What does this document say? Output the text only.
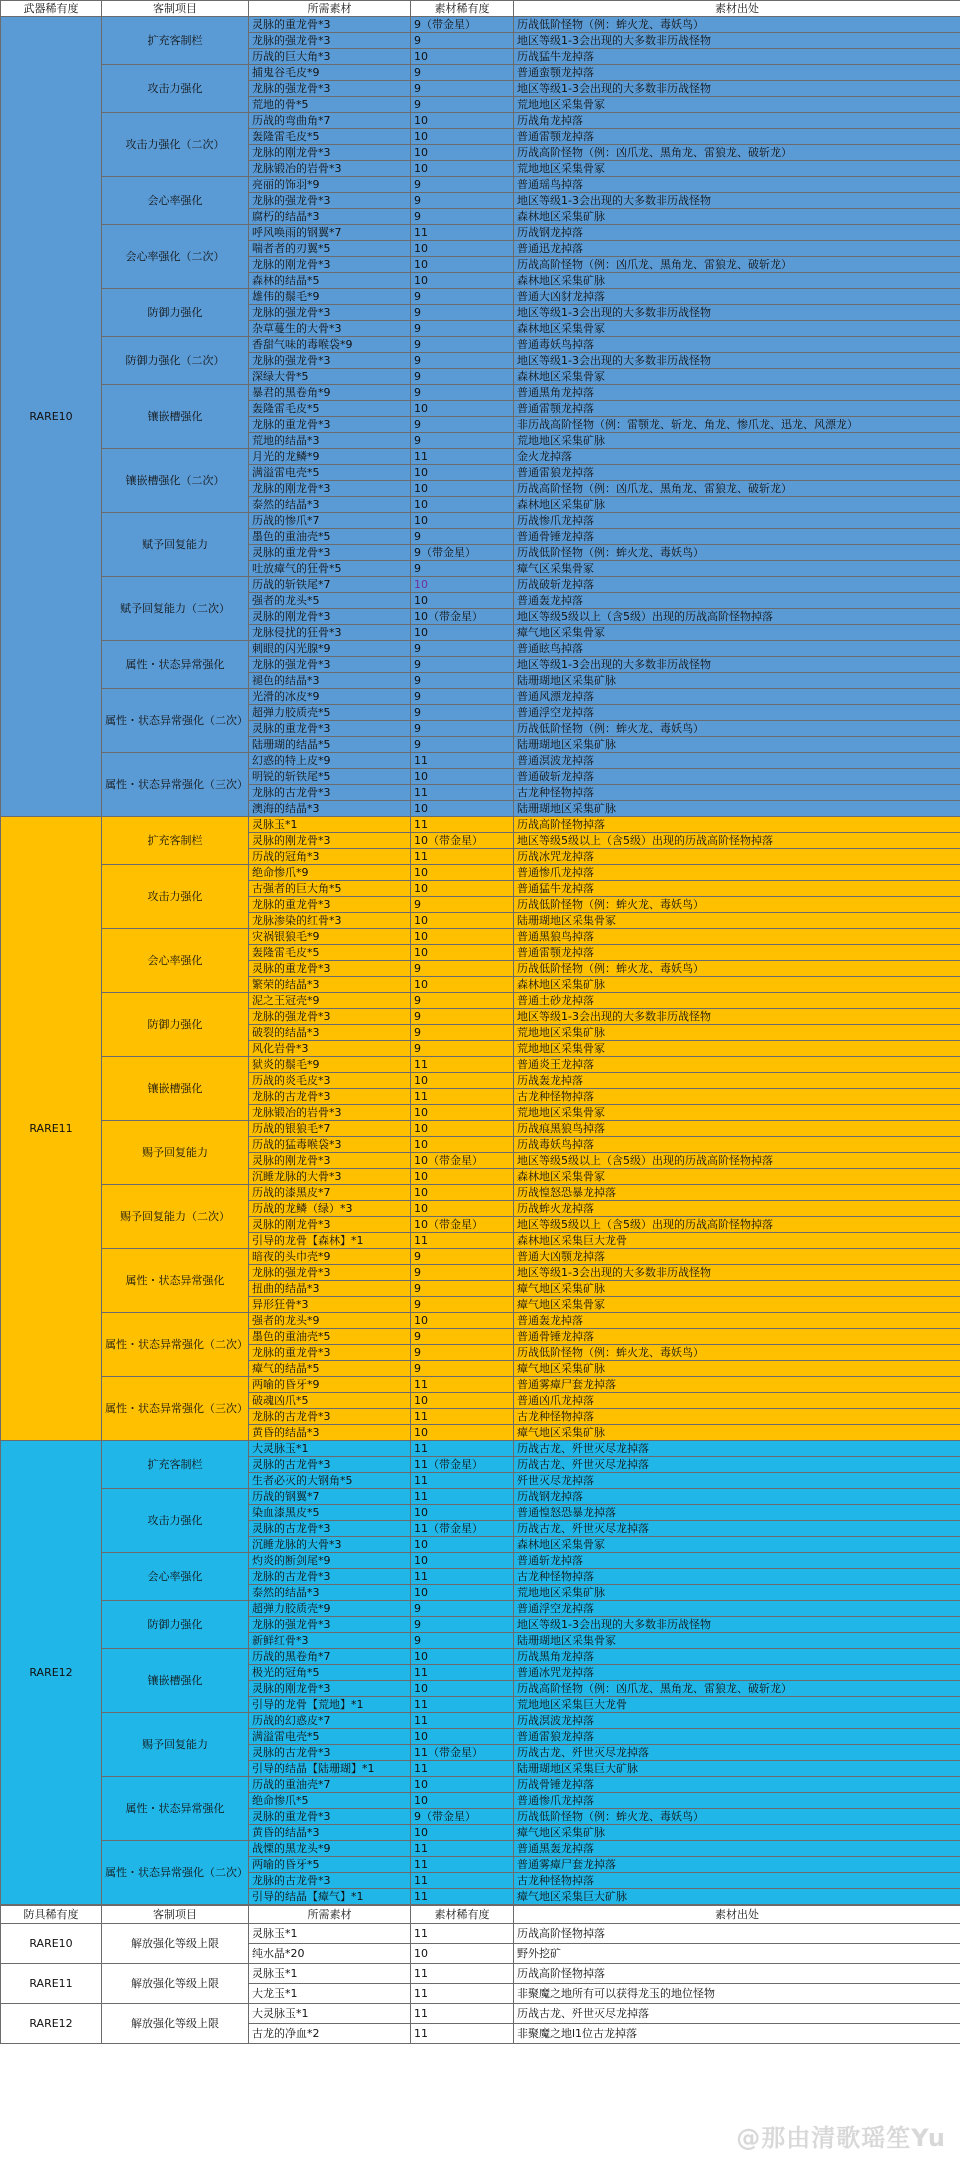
武器稀有度	客制项目	所需素材	素材稀有度	素材出处
RARE10	扩充客制栏	灵脉的重龙骨*3	9（带金星）	历战低阶怪物（例：蛑火龙、毒妖鸟）
		龙脉的强龙骨*3	9	地区等级1-3会出现的大多数非历战怪物
		历战的巨大角*3	10	历战猛牛龙掉落
	攻击力强化	捕鬼谷毛皮*9	9	普通蛮颚龙掉落
		龙脉的强龙骨*3	9	地区等级1-3会出现的大多数非历战怪物
		荒地的骨*5	9	荒地地区采集骨冢
	攻击力强化（二次）	历战的弯曲角*7	10	历战角龙掉落
		轰隆雷毛皮*5	10	普通雷颚龙掉落
		龙脉的刚龙骨*3	10	历战高阶怪物（例：凶爪龙、黑角龙、雷狼龙、破斩龙）
		龙脉锻冶的岩骨*3	10	荒地地区采集骨冢
	会心率强化	亮丽的饰羽*9	9	普通瑶鸟掉落
		龙脉的强龙骨*3	9	地区等级1-3会出现的大多数非历战怪物
		腐朽的结晶*3	9	森林地区采集矿脉
	会心率强化（二次）	呼风唤雨的钢翼*7	11	历战钢龙掉落
		喘者者的刃翼*5	10	普通迅龙掉落
		龙脉的刚龙骨*3	10	历战高阶怪物（例：凶爪龙、黑角龙、雷狼龙、破斩龙）
		森林的结晶*5	10	森林地区采集矿脉
	防御力强化	雄伟的鬃毛*9	9	普通大凶豺龙掉落
		龙脉的强龙骨*3	9	地区等级1-3会出现的大多数非历战怪物
		杂草蔓生的大骨*3	9	森林地区采集骨冢
	防御力强化（二次）	香甜气味的毒喉袋*9	9	普通毒妖鸟掉落
		龙脉的强龙骨*3	9	地区等级1-3会出现的大多数非历战怪物
		深绿大骨*5	9	森林地区采集骨冢
	镶嵌槽强化	暴君的黑卷角*9	9	普通黑角龙掉落
		轰隆雷毛皮*5	10	普通雷颚龙掉落
		龙脉的重龙骨*3	9	非历战高阶怪物（例：雷颚龙、斩龙、角龙、惨爪龙、迅龙、风漂龙）
		荒地的结晶*3	9	荒地地区采集矿脉
	镶嵌槽强化（二次）	月光的龙鳞*9	11	金火龙掉落
		满溢雷电壳*5	10	普通雷狼龙掉落
		龙脉的刚龙骨*3	10	历战高阶怪物（例：凶爪龙、黑角龙、雷狼龙、破斩龙）
		泰然的结晶*3	10	森林地区采集矿脉
	赋予回复能力	历战的惨爪*7	10	历战惨爪龙掉落
		墨色的重油壳*5	9	普通骨锤龙掉落
		灵脉的重龙骨*3	9（带金星）	历战低阶怪物（例：蛑火龙、毒妖鸟）
		吐放瘴气的狂骨*5	9	瘴气区采集骨冢
	赋予回复能力（二次）	历战的斩铁尾*7	10	历战破斩龙掉落
		强者的龙头*5	10	普通轰龙掉落
		灵脉的刚龙骨*3	10（带金星）	地区等级5级以上（含5级）出现的历战高阶怪物掉落
		龙脉侵扰的狂骨*3	10	瘴气地区采集骨冢
	属性・状态异常强化	刺眼的闪光腺*9	9	普通眩鸟掉落
		龙脉的强龙骨*3	9	地区等级1-3会出现的大多数非历战怪物
		褪色的结晶*3	9	陆珊瑚地区采集矿脉
	属性・状态异常强化（二次）	光滑的冰皮*9	9	普通风漂龙掉落
		超弹力胶质壳*5	9	普通浮空龙掉落
		灵脉的重龙骨*3	9	历战低阶怪物（例：蛑火龙、毒妖鸟）
		陆珊瑚的结晶*5	9	陆珊瑚地区采集矿脉
	属性・状态异常强化（三次）	幻惑的特上皮*9	11	普通溟波龙掉落
		明锐的斩铁尾*5	10	普通破斩龙掉落
		龙脉的古龙骨*3	11	古龙种怪物掉落
		澳海的结晶*3	10	陆珊瑚地区采集矿脉
RARE11	扩充客制栏	灵脉玉*1	11	历战高阶怪物掉落
		灵脉的刚龙骨*3	10（带金星）	地区等级5级以上（含5级）出现的历战高阶怪物掉落
		历战的冠角*3	11	历战冰咒龙掉落
	攻击力强化	绝命惨爪*9	10	普通惨爪龙掉落
		古强者的巨大角*5	10	普通猛牛龙掉落
		龙脉的重龙骨*3	9	历战低阶怪物（例：蛑火龙、毒妖鸟）
		龙脉渗染的红骨*3	10	陆珊瑚地区采集骨冢
	会心率强化	灾祸银狼毛*9	10	普通黑狼鸟掉落
		轰隆雷毛皮*5	10	普通雷颚龙掉落
		灵脉的重龙骨*3	9	历战低阶怪物（例：蛑火龙、毒妖鸟）
		繁荣的结晶*3	10	森林地区采集矿脉
	防御力强化	泥之王冠壳*9	9	普通土砂龙掉落
		龙脉的强龙骨*3	9	地区等级1-3会出现的大多数非历战怪物
		破裂的结晶*3	9	荒地地区采集矿脉
		风化岩骨*3	9	荒地地区采集骨冢
	镶嵌槽强化	狱炎的鬃毛*9	11	普通炎王龙掉落
		历战的炎毛皮*3	10	历战轰龙掉落
		龙脉的古龙骨*3	11	古龙种怪物掉落
		龙脉锻冶的岩骨*3	10	荒地地区采集骨冢
	赐予回复能力	历战的银狼毛*7	10	历战痕黑狼鸟掉落
		历战的猛毒喉袋*3	10	历战毒妖鸟掉落
		灵脉的刚龙骨*3	10（带金星）	地区等级5级以上（含5级）出现的历战高阶怪物掉落
		沉睡龙脉的大骨*3	10	森林地区采集骨冢
	赐予回复能力（二次）	历战的漆黑皮*7	10	历战惶怒恐暴龙掉落
		历战的龙鳞（绿）*3	10	历战蛑火龙掉落
		灵脉的刚龙骨*3	10（带金星）	地区等级5级以上（含5级）出现的历战高阶怪物掉落
		引导的龙骨【森林】*1	11	森林地区采集巨大龙骨
	属性・状态异常强化	暗夜的头巾壳*9	9	普通大凶颚龙掉落
		龙脉的强龙骨*3	9	地区等级1-3会出现的大多数非历战怪物
		扭曲的结晶*3	9	瘴气地区采集矿脉
		异形狂骨*3	9	瘴气地区采集骨冢
	属性・状态异常强化（二次）	强者的龙头*9	10	普通轰龙掉落
		墨色的重油壳*5	9	普通骨锤龙掉落
		龙脉的重龙骨*3	9	历战低阶怪物（例：蛑火龙、毒妖鸟）
		瘴气的结晶*5	9	瘴气地区采集矿脉
	属性・状态异常强化（三次）	两喻的昏牙*9	11	普通雾瘴尸套龙掉落
		破魂凶爪*5	10	普通凶爪龙掉落
		龙脉的古龙骨*3	11	古龙种怪物掉落
		黄昏的结晶*3	10	瘴气地区采集矿脉
RARE12	扩充客制栏	大灵脉玉*1	11	历战古龙、歼世灭尽龙掉落
		灵脉的古龙骨*3	11（带金星）	历战古龙、歼世灭尽龙掉落
		生者必灭的大钢角*5	11	歼世灭尽龙掉落
	攻击力强化	历战的钢翼*7	11	历战钢龙掉落
		染血漆黑皮*5	10	普通惶怒恐暴龙掉落
		灵脉的古龙骨*3	11（带金星）	历战古龙、歼世灭尽龙掉落
		沉睡龙脉的大骨*3	10	森林地区采集骨冢
	会心率强化	灼炎的断剑尾*9	10	普通斩龙掉落
		龙脉的古龙骨*3	11	古龙种怪物掉落
		泰然的结晶*3	10	荒地地区采集矿脉
	防御力强化	超弹力胶质壳*9	9	普通浮空龙掉落
		龙脉的强龙骨*3	9	地区等级1-3会出现的大多数非历战怪物
		新鲜红骨*3	9	陆珊瑚地区采集骨冢
	镶嵌槽强化	历战的黑卷角*7	10	历战黑角龙掉落
		极光的冠角*5	11	普通冰咒龙掉落
		灵脉的刚龙骨*3	10	历战高阶怪物（例：凶爪龙、黑角龙、雷狼龙、破斩龙）
		引导的龙骨【荒地】*1	11	荒地地区采集巨大龙骨
	赐予回复能力	历战的幻惑皮*7	11	历战溟波龙掉落
		满溢雷电壳*5	10	普通雷狼龙掉落
		灵脉的古龙骨*3	11（带金星）	历战古龙、歼世灭尽龙掉落
		引导的结晶【陆珊瑚】*1	11	陆珊瑚地区采集巨大矿脉
	属性・状态异常强化	历战的重油壳*7	10	历战骨锤龙掉落
		绝命惨爪*5	10	普通惨爪龙掉落
		灵脉的重龙骨*3	9（带金星）	历战低阶怪物（例：蛑火龙、毒妖鸟）
		黄昏的结晶*3	10	瘴气地区采集矿脉
	属性・状态异常强化（二次）	战慄的黑龙头*9	11	普通黑轰龙掉落
		两喻的昏牙*5	11	普通雾瘴尸套龙掉落
		龙脉的古龙骨*3	11	古龙种怪物掉落
		引导的结晶【瘴气】*1	11	瘴气地区采集巨大矿脉
防具稀有度	客制项目	所需素材	素材稀有度	素材出处
RARE10	解放强化等级上限	灵脉玉*1	11	历战高阶怪物掉落
		纯水晶*20	10	野外挖矿
RARE11	解放强化等级上限	灵脉玉*1	11	历战高阶怪物掉落
		大龙玉*1	11	非聚魔之地所有可以获得龙玉的地位怪物
RARE12	解放强化等级上限	大灵脉玉*1	11	历战古龙、歼世灭尽龙掉落
		古龙的净血*2	11	非聚魔之地l1位古龙掉落
@那由清歌瑶笙Yu
